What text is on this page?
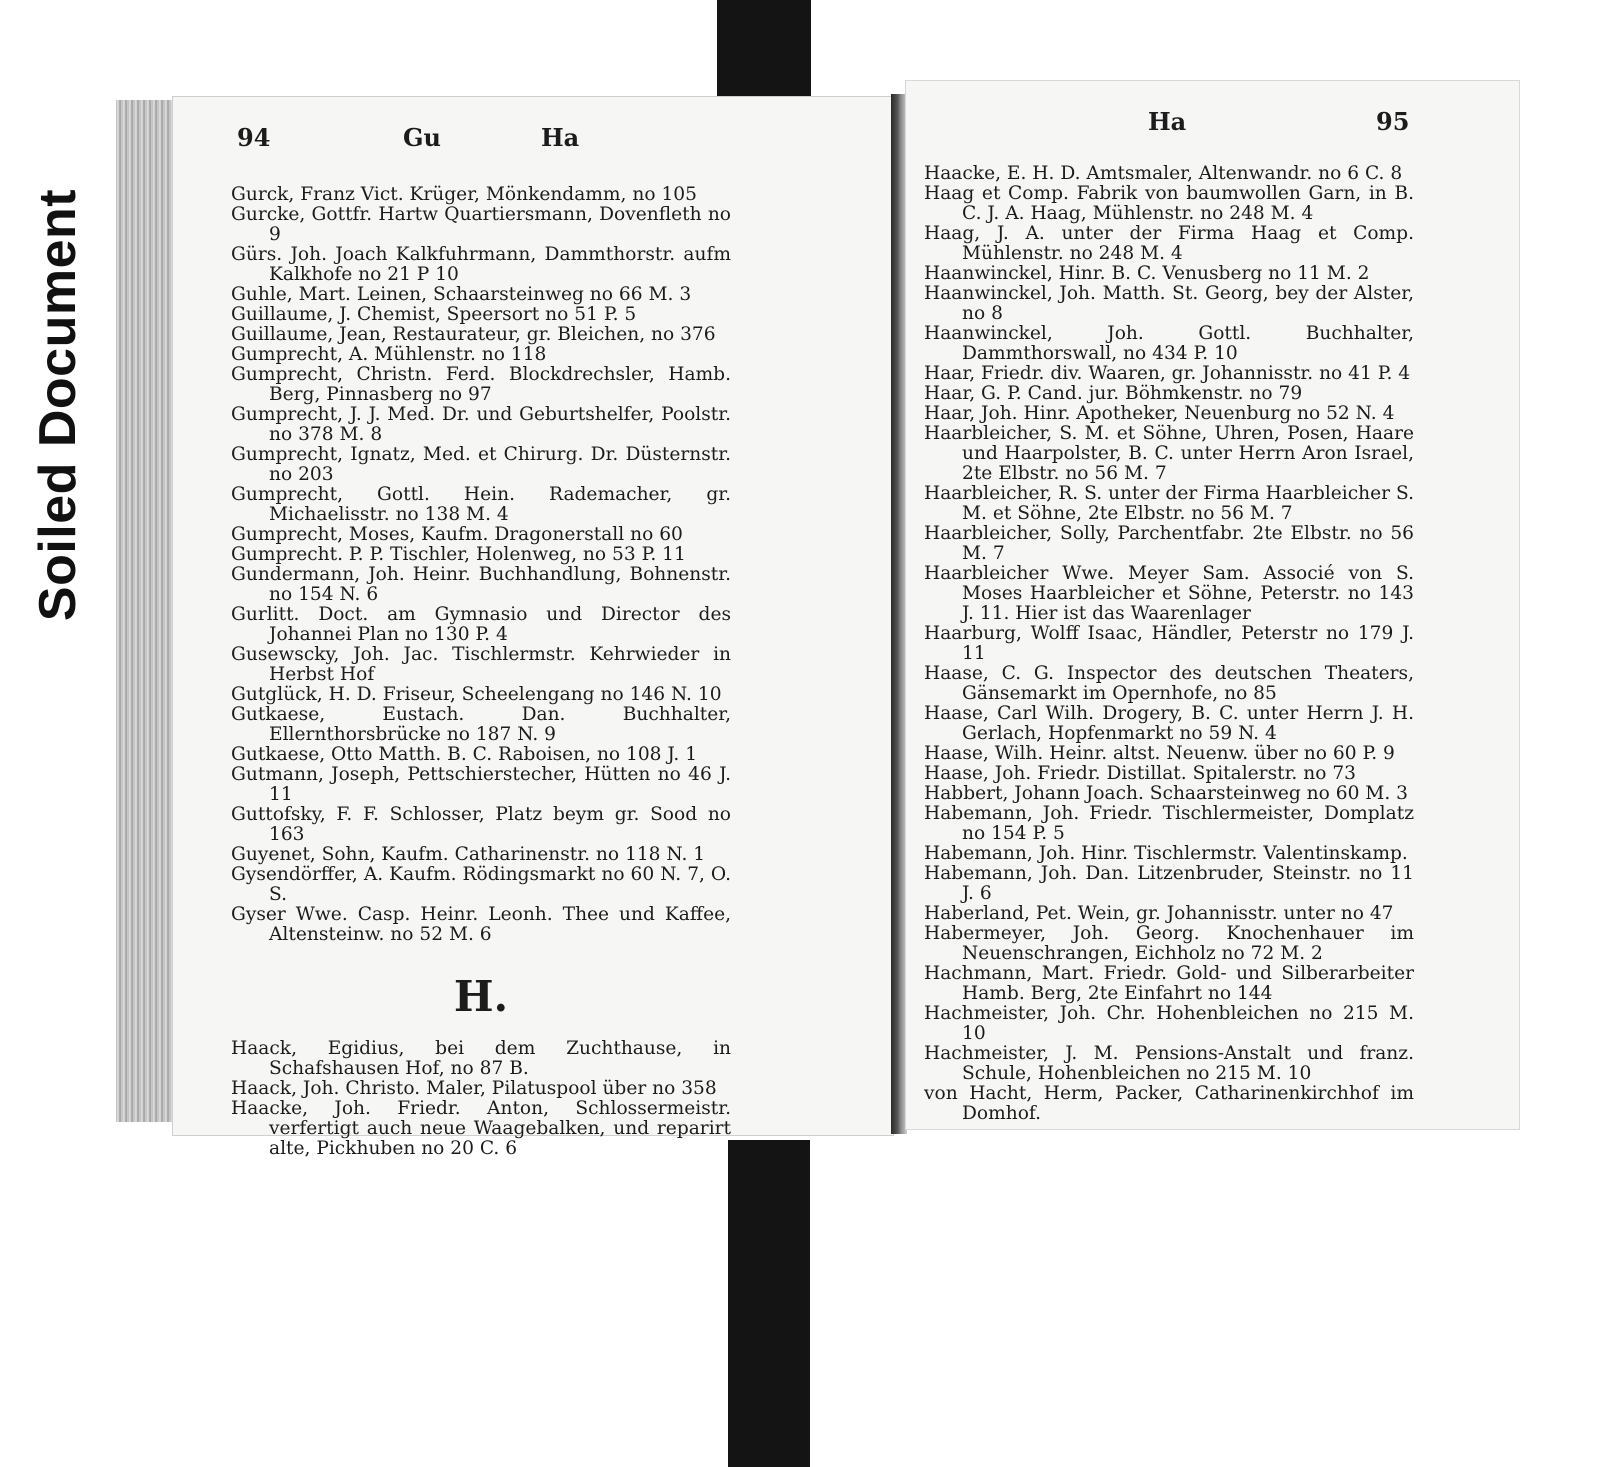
Soiled Document
94	Gu	Ha

Gurck, Franz Vict. Krüger, Mönkendamm, no 105

Gurcke, Gottfr. Hartw Quartiersmann, Dovenfleth no 9

Gürs. Joh. Joach Kalkfuhrmann, Dammthorstr. aufm Kalkhofe no 21 P 10

Guhle, Mart. Leinen, Schaarsteinweg no 66 M. 3

Guillaume, J. Chemist, Speersort no 51 P. 5

Guillaume, Jean, Restaurateur, gr. Bleichen, no 376

Gumprecht, A. Mühlenstr. no 118

Gumprecht, Christn. Ferd. Blockdrechsler, Hamb. Berg, Pinnasberg no 97

Gumprecht, J. J. Med. Dr. und Geburtshelfer, Poolstr. no 378 M. 8

Gumprecht, Ignatz, Med. et Chirurg. Dr. Düsternstr. no 203

Gumprecht, Gottl. Hein. Rademacher, gr. Michaelisstr. no 138 M. 4

Gumprecht, Moses, Kaufm. Dragonerstall no 60

Gumprecht. P. P. Tischler, Holenweg, no 53 P. 11

Gundermann, Joh. Heinr. Buchhandlung, Bohnenstr. no 154 N. 6

Gurlitt. Doct. am Gymnasio und Director des Johannei Plan no 130 P. 4

Gusewscky, Joh. Jac. Tischlermstr. Kehrwieder in Herbst Hof

Gutglück, H. D. Friseur, Scheelengang no 146 N. 10

Gutkaese, Eustach. Dan. Buchhalter, Ellernthorsbrücke no 187 N. 9

Gutkaese, Otto Matth. B. C. Raboisen, no 108 J. 1

Gutmann, Joseph, Pettschierstecher, Hütten no 46 J. 11

Guttofsky, F. F. Schlosser, Platz beym gr. Sood no 163

Guyenet, Sohn, Kaufm. Catharinenstr. no 118 N. 1

Gysendörffer, A. Kaufm. Rödingsmarkt no 60 N. 7, O. S.

Gyser Wwe. Casp. Heinr. Leonh. Thee und Kaffee, Altensteinw. no 52 M. 6

H.

Haack, Egidius, bei dem Zuchthause, in Schafshausen Hof, no 87 B.

Haack, Joh. Christo. Maler, Pilatuspool über no 358

Haacke, Joh. Friedr. Anton, Schlossermeistr. verfertigt auch neue Waagebalken, und reparirt alte, Pickhuben no 20 C. 6

Ha	95

Haacke, E. H. D. Amtsmaler, Altenwandr. no 6 C. 8

Haag et Comp. Fabrik von baumwollen Garn, in B. C. J. A. Haag, Mühlenstr. no 248 M. 4

Haag, J. A. unter der Firma Haag et Comp. Mühlenstr. no 248 M. 4

Haanwinckel, Hinr. B. C. Venusberg no 11 M. 2

Haanwinckel, Joh. Matth. St. Georg, bey der Alster, no 8

Haanwinckel, Joh. Gottl. Buchhalter, Dammthorswall, no 434 P. 10

Haar, Friedr. div. Waaren, gr. Johannisstr. no 41 P. 4

Haar, G. P. Cand. jur. Böhmkenstr. no 79

Haar, Joh. Hinr. Apotheker, Neuenburg no 52 N. 4

Haarbleicher, S. M. et Söhne, Uhren, Posen, Haare und Haarpolster, B. C. unter Herrn Aron Israel, 2te Elbstr. no 56 M. 7

Haarbleicher, R. S. unter der Firma Haarbleicher S. M. et Söhne, 2te Elbstr. no 56 M. 7

Haarbleicher, Solly, Parchentfabr. 2te Elbstr. no 56 M. 7

Haarbleicher Wwe. Meyer Sam. Associé von S. Moses Haarbleicher et Söhne, Peterstr. no 143 J. 11. Hier ist das Waarenlager

Haarburg, Wolff Isaac, Händler, Peterstr no 179 J. 11

Haase, C. G. Inspector des deutschen Theaters, Gänsemarkt im Opernhofe, no 85

Haase, Carl Wilh. Drogery, B. C. unter Herrn J. H. Gerlach, Hopfenmarkt no 59 N. 4

Haase, Wilh. Heinr. altst. Neuenw. über no 60 P. 9

Haase, Joh. Friedr. Distillat. Spitalerstr. no 73

Habbert, Johann Joach. Schaarsteinweg no 60 M. 3

Habemann, Joh. Friedr. Tischlermeister, Domplatz no 154 P. 5

Habemann, Joh. Hinr. Tischlermstr. Valentinskamp.

Habemann, Joh. Dan. Litzenbruder, Steinstr. no 11 J. 6

Haberland, Pet. Wein, gr. Johannisstr. unter no 47

Habermeyer, Joh. Georg. Knochenhauer im Neuenschrangen, Eichholz no 72 M. 2

Hachmann, Mart. Friedr. Gold- und Silberarbeiter Hamb. Berg, 2te Einfahrt no 144

Hachmeister, Joh. Chr. Hohenbleichen no 215 M. 10

Hachmeister, J. M. Pensions-Anstalt und franz. Schule, Hohenbleichen no 215 M. 10

von Hacht, Herm, Packer, Catharinenkirchhof im Domhof.
